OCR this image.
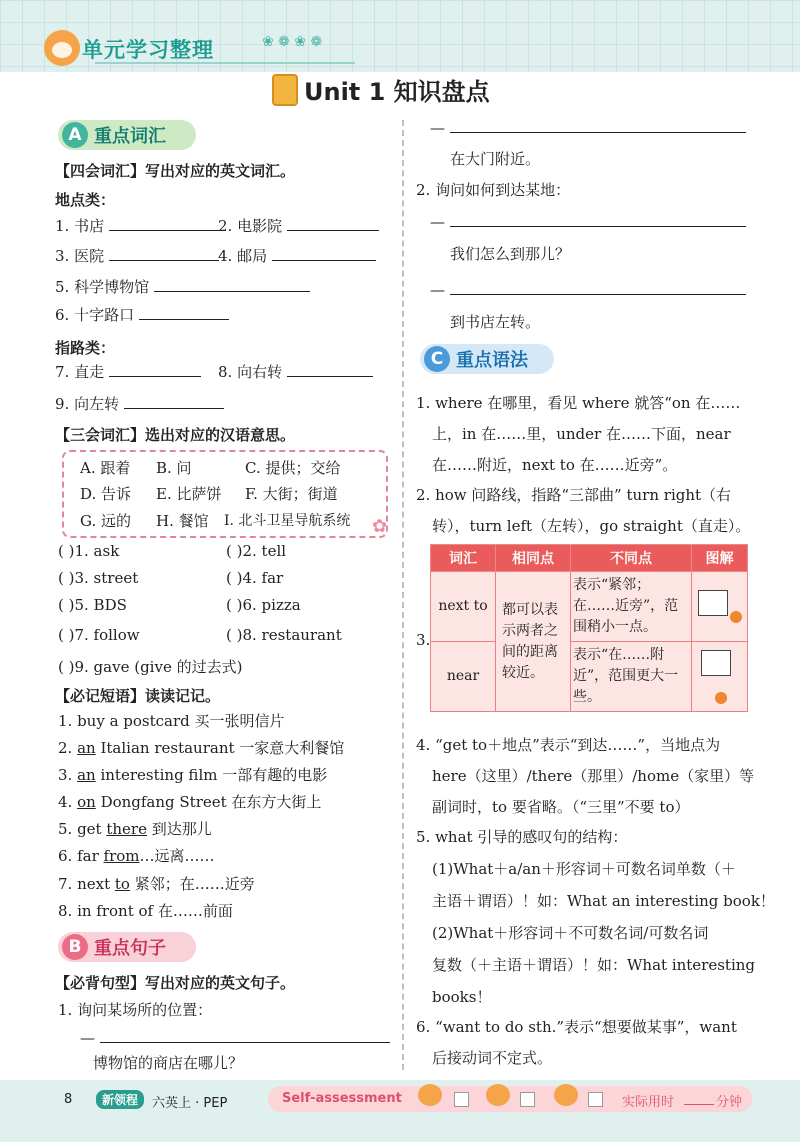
单元学习整理	❀ ❁ ❀ ❁
Unit 1 知识盘点
A 重点词汇
【四会词汇】写出对应的英文词汇。
地点类：
1. 书店	2. 电影院
3. 医院	4. 邮局
5. 科学博物馆
6. 十字路口
指路类：
7. 直走	8. 向右转
9. 向左转
【三会词汇】选出对应的汉语意思。
A. 跟着 B. 问	C. 提供；交给
D. 告诉 E. 比萨饼 F. 大街；街道
G. 远的 H. 餐馆 I. 北斗卫星导航系统 ✿
( )1. ask	( )2. tell
( )3. street	( )4. far
( )5. BDS	( )6. pizza
( )7. follow	( )8. restaurant
( )9. gave (give 的过去式)
【必记短语】读读记记。
1. buy a postcard 买一张明信片
2. an Italian restaurant 一家意大利餐馆
3. an interesting film 一部有趣的电影
4. on Dongfang Street 在东方大街上
5. get there 到达那儿
6. far from…远离……
7. next to 紧邻；在……近旁
8. in front of 在……前面
B 重点句子
【必背句型】写出对应的英文句子。
1. 询问某场所的位置：
—
博物馆的商店在哪儿？
—
在大门附近。
2. 询问如何到达某地：
—
我们怎么到那儿？
—
到书店左转。
C 重点语法
1. where 在哪里，看见 where 就答“on 在……
上，in 在……里，under 在……下面，near
在……附近，next to 在……近旁”。
2. how 问路线，指路“三部曲” turn right（右
转），turn left（左转），go straight（直走）。
3.
词汇	相同点	不同点	图解
next to	都可以表示两者之间的距离较近。	表示“紧邻；在……近旁”，范围稍小一点。	
near		表示“在……附近”，范围更大一些。	
4. “get to＋地点”表示“到达……”，当地点为
here（这里）/there（那里）/home（家里）等
副词时，to 要省略。（“三里”不要 to）
5. what 引导的感叹句的结构：
(1)What＋a/an＋形容词＋可数名词单数（＋
主语＋谓语）！如：What an interesting book！
(2)What＋形容词＋不可数名词/可数名词
复数（＋主语＋谓语）！如：What interesting
books！
6. “want to do sth.”表示“想要做某事”，want
后接动词不定式。
8	新领程	六英上 · PEP	Self-assessment	实际用时	分钟
